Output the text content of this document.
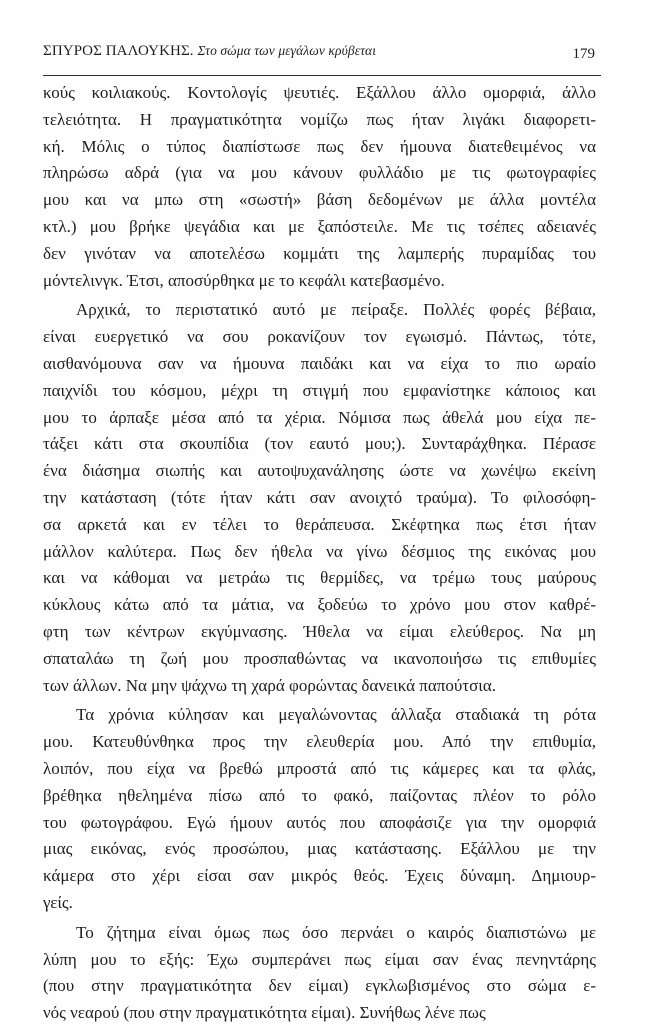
ΣΠΥΡΟΣ ΠΑΛΟΥΚΗΣ. Στο σώμα των μεγάλων κρύβεται	179
κούς κοιλιακούς. Κοντολογίς ψευτιές. Εξάλλου άλλο ομορφιά, άλλο
τελειότητα. Η πραγματικότητα νομίζω πως ήταν λιγάκι διαφορετι-
κή. Μόλις ο τύπος διαπίστωσε πως δεν ήμουνα διατεθειμένος να
πληρώσω αδρά (για να μου κάνουν φυλλάδιο με τις φωτογραφίες
μου και να μπω στη «σωστή» βάση δεδομένων με άλλα μοντέλα
κτλ.) μου βρήκε ψεγάδια και με ξαπόστειλε. Με τις τσέπες αδειανές
δεν γινόταν να αποτελέσω κομμάτι της λαμπερής πυραμίδας του
μόντελινγκ. Έτσι, αποσύρθηκα με το κεφάλι κατεβασμένο.
Αρχικά, το περιστατικό αυτό με πείραξε. Πολλές φορές βέβαια,
είναι ευεργετικό να σου ροκανίζουν τον εγωισμό. Πάντως, τότε,
αισθανόμουνα σαν να ήμουνα παιδάκι και να είχα το πιο ωραίο
παιχνίδι του κόσμου, μέχρι τη στιγμή που εμφανίστηκε κάποιος και
μου το άρπαξε μέσα από τα χέρια. Νόμισα πως άθελά μου είχα πε-
τάξει κάτι στα σκουπίδια (τον εαυτό μου;). Συνταράχθηκα. Πέρασε
ένα διάσημα σιωπής και αυτοψυχανάλησης ώστε να χωνέψω εκείνη
την κατάσταση (τότε ήταν κάτι σαν ανοιχτό τραύμα). Το φιλοσόφη-
σα αρκετά και εν τέλει το θεράπευσα. Σκέφτηκα πως έτσι ήταν
μάλλον καλύτερα. Πως δεν ήθελα να γίνω δέσμιος της εικόνας μου
και να κάθομαι να μετράω τις θερμίδες, να τρέμω τους μαύρους
κύκλους κάτω από τα μάτια, να ξοδεύω το χρόνο μου στον καθρέ-
φτη των κέντρων εκγύμνασης. Ήθελα να είμαι ελεύθερος. Να μη
σπαταλάω τη ζωή μου προσπαθώντας να ικανοποιήσω τις επιθυμίες
των άλλων. Να μην ψάχνω τη χαρά φορώντας δανεικά παπούτσια.
Τα χρόνια κύλησαν και μεγαλώνοντας άλλαξα σταδιακά τη ρότα
μου. Κατευθύνθηκα προς την ελευθερία μου. Από την επιθυμία,
λοιπόν, που είχα να βρεθώ μπροστά από τις κάμερες και τα φλάς,
βρέθηκα ηθελημένα πίσω από το φακό, παίζοντας πλέον το ρόλο
του φωτογράφου. Εγώ ήμουν αυτός που αποφάσιζε για την ομορφιά
μιας εικόνας, ενός προσώπου, μιας κατάστασης. Εξάλλου με την
κάμερα στο χέρι είσαι σαν μικρός θεός. Έχεις δύναμη. Δημιουρ-
γείς.
Το ζήτημα είναι όμως πως όσο περνάει ο καιρός διαπιστώνω με
λύπη μου το εξής: Έχω συμπεράνει πως είμαι σαν ένας πενηντάρης
(που στην πραγματικότητα δεν είμαι) εγκλωβισμένος στο σώμα ε-
νός νεαρού (που στην πραγματικότητα είμαι). Συνήθως λένε πως
